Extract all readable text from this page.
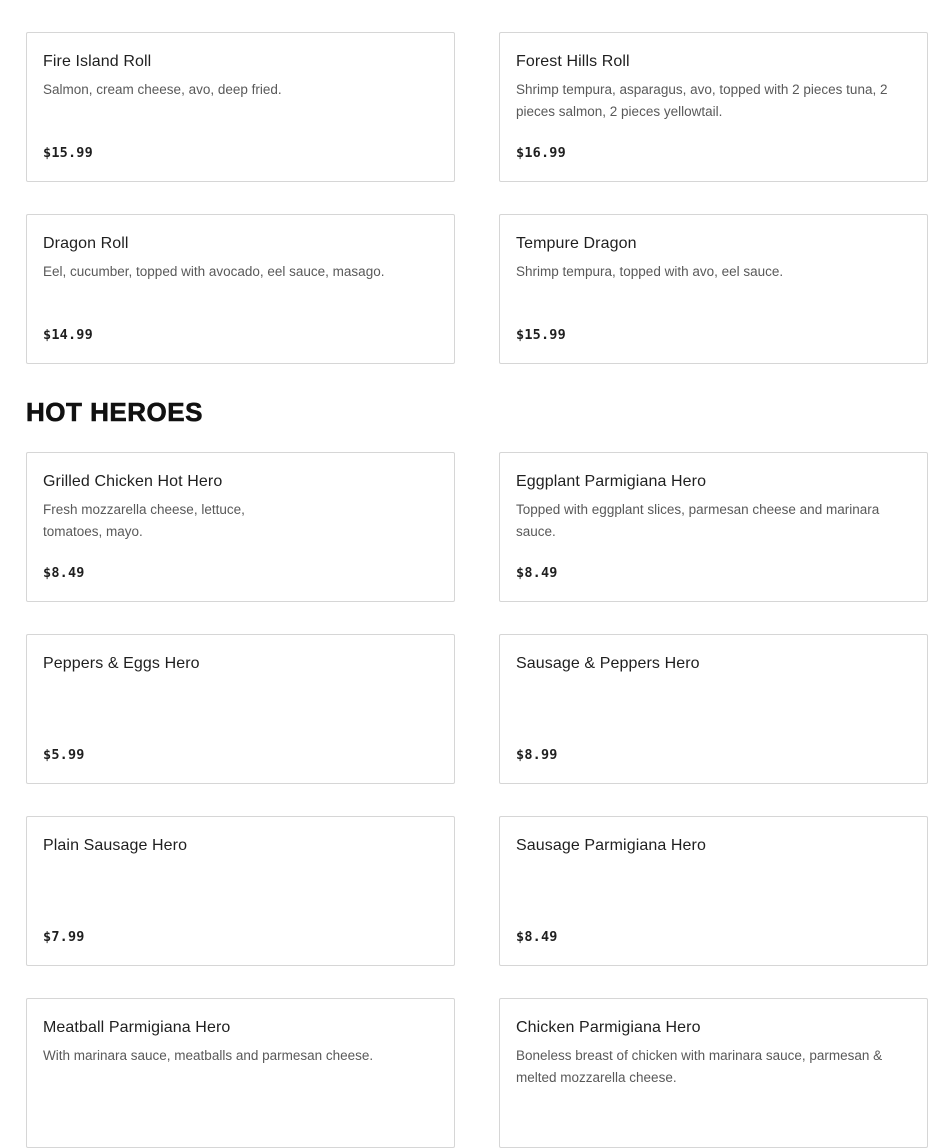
Fire Island Roll
Salmon, cream cheese, avo, deep fried.
$15.99
Forest Hills Roll
Shrimp tempura, asparagus, avo, topped with 2 pieces tuna, 2 pieces salmon, 2 pieces yellowtail.
$16.99
Dragon Roll
Eel, cucumber, topped with avocado, eel sauce, masago.
$14.99
Tempure Dragon
Shrimp tempura, topped with avo, eel sauce.
$15.99
HOT HEROES
Grilled Chicken Hot Hero
Fresh mozzarella cheese, lettuce, tomatoes, mayo.
$8.49
Eggplant Parmigiana Hero
Topped with eggplant slices, parmesan cheese and marinara sauce.
$8.49
Peppers & Eggs Hero
$5.99
Sausage & Peppers Hero
$8.99
Plain Sausage Hero
$7.99
Sausage Parmigiana Hero
$8.49
Meatball Parmigiana Hero
With marinara sauce, meatballs and parmesan cheese.
Chicken Parmigiana Hero
Boneless breast of chicken with marinara sauce, parmesan & melted mozzarella cheese.
